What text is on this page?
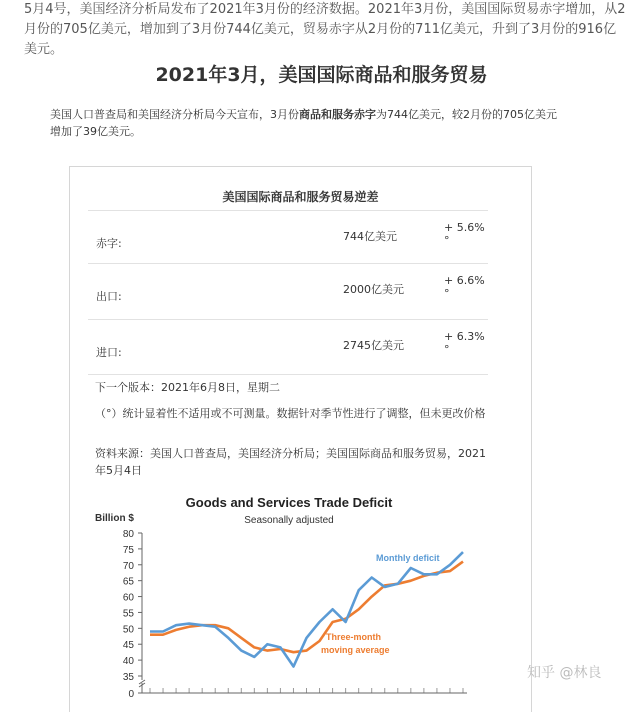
5月4号，美国经济分析局发布了2021年3月份的经济数据。2021年3月份，美国国际贸易赤字增加，从2月份的705亿美元，增加到了3月份744亿美元，贸易赤字从2月份的711亿美元，升到了3月份的916亿美元。
2021年3月，美国国际商品和服务贸易
美国人口普查局和美国经济分析局今天宣布，3月份商品和服务赤字为744亿美元，较2月份的705亿美元增加了39亿美元。
美国国际商品和服务贸易逆差
赤字:
744亿美元
+ 5.6% °
出口:
2000亿美元
+ 6.6% °
进口:
2745亿美元
+ 6.3% °
下一个版本：2021年6月8日，星期二
（°）统计显着性不适用或不可测量。数据针对季节性进行了调整，但未更改价格
资料来源：美国人口普查局，美国经济分析局；美国国际商品和服务贸易，2021年5月4日
Goods and Services Trade Deficit
Seasonally adjusted
Billion $
0
35
40
45
50
55
60
65
70
75
80
Monthly deficit
Three-month
moving average
知乎 @林良
